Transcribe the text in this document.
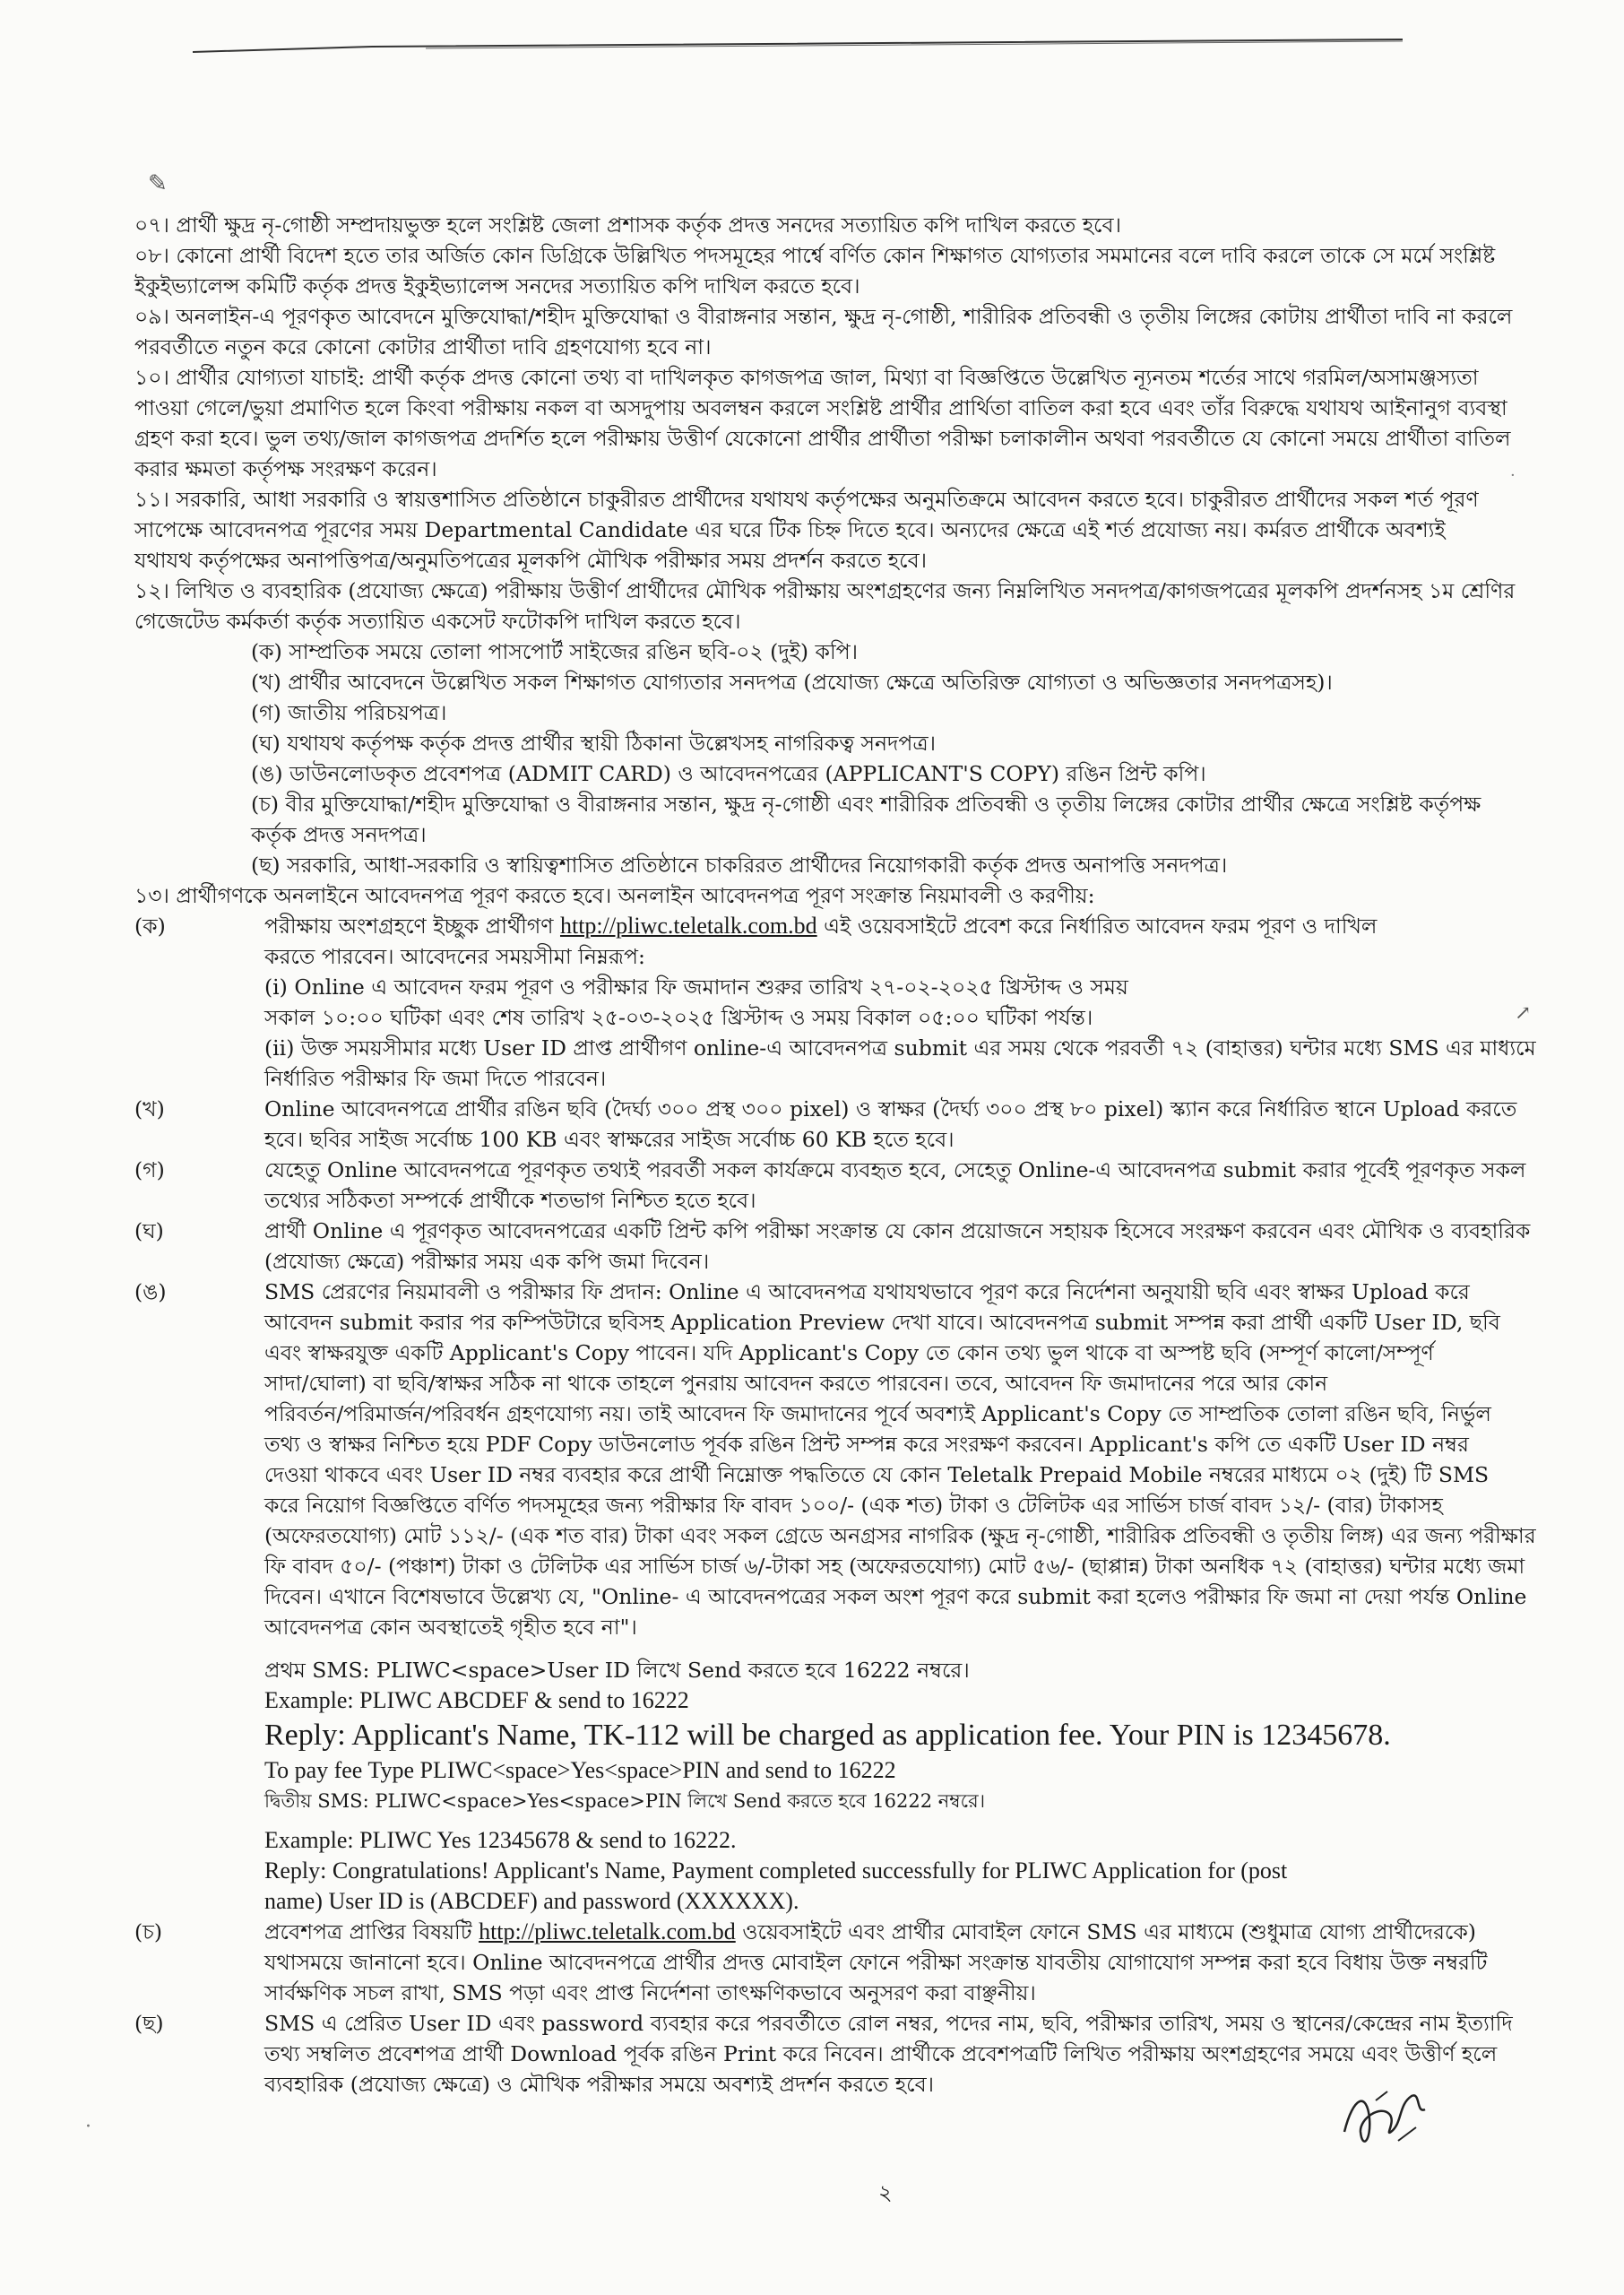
✎
·
↗
·

০৭। প্রার্থী ক্ষুদ্র নৃ-গোষ্ঠী সম্প্রদায়ভুক্ত হলে সংশ্লিষ্ট জেলা প্রশাসক কর্তৃক প্রদত্ত সনদের সত্যায়িত কপি দাখিল করতে হবে।

০৮। কোনো প্রার্থী বিদেশ হতে তার অর্জিত কোন ডিগ্রিকে উল্লিখিত পদসমূহের পার্শ্বে বর্ণিত কোন শিক্ষাগত যোগ্যতার সমমানের বলে দাবি করলে তাকে সে মর্মে সংশ্লিষ্ট

ইকুইভ্যালেন্স কমিটি কর্তৃক প্রদত্ত ইকুইভ্যালেন্স সনদের সত্যায়িত কপি দাখিল করতে হবে।

০৯। অনলাইন-এ পূরণকৃত আবেদনে মুক্তিযোদ্ধা/শহীদ মুক্তিযোদ্ধা ও বীরাঙ্গনার সন্তান, ক্ষুদ্র নৃ-গোষ্ঠী, শারীরিক প্রতিবন্ধী ও তৃতীয় লিঙ্গের কোটায় প্রার্থীতা দাবি না করলে

পরবর্তীতে নতুন করে কোনো কোটার প্রার্থীতা দাবি গ্রহণযোগ্য হবে না।

১০। প্রার্থীর যোগ্যতা যাচাই: প্রার্থী কর্তৃক প্রদত্ত কোনো তথ্য বা দাখিলকৃত কাগজপত্র জাল, মিথ্যা বা বিজ্ঞপ্তিতে উল্লেখিত ন্যূনতম শর্তের সাথে গরমিল/অসামঞ্জস্যতা

পাওয়া গেলে/ভুয়া প্রমাণিত হলে কিংবা পরীক্ষায় নকল বা অসদুপায় অবলম্বন করলে সংশ্লিষ্ট প্রার্থীর প্রার্থিতা বাতিল করা হবে এবং তাঁর বিরুদ্ধে যথাযথ আইনানুগ ব্যবস্থা

গ্রহণ করা হবে। ভুল তথ্য/জাল কাগজপত্র প্রদর্শিত হলে পরীক্ষায় উত্তীর্ণ যেকোনো প্রার্থীর প্রার্থীতা পরীক্ষা চলাকালীন অথবা পরবর্তীতে যে কোনো সময়ে প্রার্থীতা বাতিল

করার ক্ষমতা কর্তৃপক্ষ সংরক্ষণ করেন।

১১। সরকারি, আধা সরকারি ও স্বায়ত্তশাসিত প্রতিষ্ঠানে চাকুরীরত প্রার্থীদের যথাযথ কর্তৃপক্ষের অনুমতিক্রমে আবেদন করতে হবে। চাকুরীরত প্রার্থীদের সকল শর্ত পূরণ

সাপেক্ষে আবেদনপত্র পূরণের সময় Departmental Candidate এর ঘরে টিক চিহ্ন দিতে হবে। অন্যদের ক্ষেত্রে এই শর্ত প্রযোজ্য নয়। কর্মরত প্রার্থীকে অবশ্যই

যথাযথ কর্তৃপক্ষের অনাপত্তিপত্র/অনুমতিপত্রের মূলকপি মৌখিক পরীক্ষার সময় প্রদর্শন করতে হবে।

১২। লিখিত ও ব্যবহারিক (প্রযোজ্য ক্ষেত্রে) পরীক্ষায় উত্তীর্ণ প্রার্থীদের মৌখিক পরীক্ষায় অংশগ্রহণের জন্য নিম্নলিখিত সনদপত্র/কাগজপত্রের মূলকপি প্রদর্শনসহ ১ম শ্রেণির

গেজেটেড কর্মকর্তা কর্তৃক সত্যায়িত একসেট ফটোকপি দাখিল করতে হবে।

(ক) সাম্প্রতিক সময়ে তোলা পাসপোর্ট সাইজের রঙিন ছবি-০২ (দুই) কপি।

(খ) প্রার্থীর আবেদনে উল্লেখিত সকল শিক্ষাগত যোগ্যতার সনদপত্র (প্রযোজ্য ক্ষেত্রে অতিরিক্ত যোগ্যতা ও অভিজ্ঞতার সনদপত্রসহ)।

(গ) জাতীয় পরিচয়পত্র।

(ঘ) যথাযথ কর্তৃপক্ষ কর্তৃক প্রদত্ত প্রার্থীর স্থায়ী ঠিকানা উল্লেখসহ নাগরিকত্ব সনদপত্র।

(ঙ) ডাউনলোডকৃত প্রবেশপত্র (ADMIT CARD) ও আবেদনপত্রের (APPLICANT'S COPY) রঙিন প্রিন্ট কপি।

(চ) বীর মুক্তিযোদ্ধা/শহীদ মুক্তিযোদ্ধা ও বীরাঙ্গনার সন্তান, ক্ষুদ্র নৃ-গোষ্ঠী এবং শারীরিক প্রতিবন্ধী ও তৃতীয় লিঙ্গের কোটার প্রার্থীর ক্ষেত্রে সংশ্লিষ্ট কর্তৃপক্ষ

কর্তৃক প্রদত্ত সনদপত্র।

(ছ) সরকারি, আধা-সরকারি ও স্বায়িত্বশাসিত প্রতিষ্ঠানে চাকরিরত প্রার্থীদের নিয়োগকারী কর্তৃক প্রদত্ত অনাপত্তি সনদপত্র।

১৩। প্রার্থীগণকে অনলাইনে আবেদনপত্র পূরণ করতে হবে। অনলাইন আবেদনপত্র পূরণ সংক্রান্ত নিয়মাবলী ও করণীয়:

(ক)	পরীক্ষায় অংশগ্রহণে ইচ্ছুক প্রার্থীগণ http://pliwc.teletalk.com.bd এই ওয়েবসাইটে প্রবেশ করে নির্ধারিত আবেদন ফরম পূরণ ও দাখিল

করতে পারবেন। আবেদনের সময়সীমা নিম্নরূপ:

(i) Online এ আবেদন ফরম পূরণ ও পরীক্ষার ফি জমাদান শুরুর তারিখ ২৭-০২-২০২৫ খ্রিস্টাব্দ ও সময়

সকাল ১০:০০ ঘটিকা এবং শেষ তারিখ ২৫-০৩-২০২৫ খ্রিস্টাব্দ ও সময় বিকাল ০৫:০০ ঘটিকা পর্যন্ত।

(ii) উক্ত সময়সীমার মধ্যে User ID প্রাপ্ত প্রার্থীগণ online-এ আবেদনপত্র submit এর সময় থেকে পরবর্তী ৭২ (বাহাত্তর) ঘন্টার মধ্যে SMS এর মাধ্যমে

নির্ধারিত পরীক্ষার ফি জমা দিতে পারবেন।

(খ)	Online আবেদনপত্রে প্রার্থীর রঙিন ছবি (দৈর্ঘ্য ৩০০ প্রস্থ ৩০০ pixel) ও স্বাক্ষর (দৈর্ঘ্য ৩০০ প্রস্থ ৮০ pixel) স্ক্যান করে নির্ধারিত স্থানে Upload করতে

হবে। ছবির সাইজ সর্বোচ্চ 100 KB এবং স্বাক্ষরের সাইজ সর্বোচ্চ 60 KB হতে হবে।

(গ)	যেহেতু Online আবেদনপত্রে পূরণকৃত তথ্যই পরবর্তী সকল কার্যক্রমে ব্যবহৃত হবে, সেহেতু Online-এ আবেদনপত্র submit করার পূর্বেই পূরণকৃত সকল

তথ্যের সঠিকতা সম্পর্কে প্রার্থীকে শতভাগ নিশ্চিত হতে হবে।

(ঘ)	প্রার্থী Online এ পূরণকৃত আবেদনপত্রের একটি প্রিন্ট কপি পরীক্ষা সংক্রান্ত যে কোন প্রয়োজনে সহায়ক হিসেবে সংরক্ষণ করবেন এবং মৌখিক ও ব্যবহারিক

(প্রযোজ্য ক্ষেত্রে) পরীক্ষার সময় এক কপি জমা দিবেন।

(ঙ)	SMS প্রেরণের নিয়মাবলী ও পরীক্ষার ফি প্রদান: Online এ আবেদনপত্র যথাযথভাবে পূরণ করে নির্দেশনা অনুযায়ী ছবি এবং স্বাক্ষর Upload করে

আবেদন submit করার পর কম্পিউটারে ছবিসহ Application Preview দেখা যাবে। আবেদনপত্র submit সম্পন্ন করা প্রার্থী একটি User ID, ছবি

এবং স্বাক্ষরযুক্ত একটি Applicant's Copy পাবেন। যদি Applicant's Copy তে কোন তথ্য ভুল থাকে বা অস্পষ্ট ছবি (সম্পূর্ণ কালো/সম্পূর্ণ

সাদা/ঘোলা) বা ছবি/স্বাক্ষর সঠিক না থাকে তাহলে পুনরায় আবেদন করতে পারবেন। তবে, আবেদন ফি জমাদানের পরে আর কোন

পরিবর্তন/পরিমার্জন/পরিবর্ধন গ্রহণযোগ্য নয়। তাই আবেদন ফি জমাদানের পূর্বে অবশ্যই Applicant's Copy তে সাম্প্রতিক তোলা রঙিন ছবি, নির্ভুল

তথ্য ও স্বাক্ষর নিশ্চিত হয়ে PDF Copy ডাউনলোড পূর্বক রঙিন প্রিন্ট সম্পন্ন করে সংরক্ষণ করবেন। Applicant's কপি তে একটি User ID নম্বর

দেওয়া থাকবে এবং User ID নম্বর ব্যবহার করে প্রার্থী নিম্নোক্ত পদ্ধতিতে যে কোন Teletalk Prepaid Mobile নম্বরের মাধ্যমে ০২ (দুই) টি SMS

করে নিয়োগ বিজ্ঞপ্তিতে বর্ণিত পদসমূহের জন্য পরীক্ষার ফি বাবদ ১০০/- (এক শত) টাকা ও টেলিটক এর সার্ভিস চার্জ বাবদ ১২/- (বার) টাকাসহ

(অফেরতযোগ্য) মোট ১১২/- (এক শত বার) টাকা এবং সকল গ্রেডে অনগ্রসর নাগরিক (ক্ষুদ্র নৃ-গোষ্ঠী, শারীরিক প্রতিবন্ধী ও তৃতীয় লিঙ্গ) এর জন্য পরীক্ষার

ফি বাবদ ৫০/- (পঞ্চাশ) টাকা ও টেলিটক এর সার্ভিস চার্জ ৬/-টাকা সহ (অফেরতযোগ্য) মোট ৫৬/- (ছাপ্পান্ন) টাকা অনধিক ৭২ (বাহাত্তর) ঘন্টার মধ্যে জমা

দিবেন। এখানে বিশেষভাবে উল্লেখ্য যে, "Online- এ আবেদনপত্রের সকল অংশ পূরণ করে submit করা হলেও পরীক্ষার ফি জমা না দেয়া পর্যন্ত Online

আবেদনপত্র কোন অবস্থাতেই গৃহীত হবে না"।

প্রথম SMS: PLIWC<space>User ID লিখে Send করতে হবে 16222 নম্বরে।

Example: PLIWC ABCDEF & send to 16222

Reply: Applicant's Name, TK-112 will be charged as application fee. Your PIN is 12345678.

To pay fee Type PLIWC<space>Yes<space>PIN and send to 16222

দ্বিতীয় SMS: PLIWC<space>Yes<space>PIN লিখে Send করতে হবে 16222 নম্বরে।

Example: PLIWC Yes 12345678 & send to 16222.

Reply: Congratulations! Applicant's Name, Payment completed successfully for PLIWC Application for (post

name) User ID is (ABCDEF) and password (XXXXXX).

(চ)	প্রবেশপত্র প্রাপ্তির বিষয়টি http://pliwc.teletalk.com.bd ওয়েবসাইটে এবং প্রার্থীর মোবাইল ফোনে SMS এর মাধ্যমে (শুধুমাত্র যোগ্য প্রার্থীদেরকে)

যথাসময়ে জানানো হবে। Online আবেদনপত্রে প্রার্থীর প্রদত্ত মোবাইল ফোনে পরীক্ষা সংক্রান্ত যাবতীয় যোগাযোগ সম্পন্ন করা হবে বিধায় উক্ত নম্বরটি

সার্বক্ষণিক সচল রাখা, SMS পড়া এবং প্রাপ্ত নির্দেশনা তাৎক্ষণিকভাবে অনুসরণ করা বাঞ্ছনীয়।

(ছ)	SMS এ প্রেরিত User ID এবং password ব্যবহার করে পরবর্তীতে রোল নম্বর, পদের নাম, ছবি, পরীক্ষার তারিখ, সময় ও স্থানের/কেন্দ্রের নাম ইত্যাদি

তথ্য সম্বলিত প্রবেশপত্র প্রার্থী Download পূর্বক রঙিন Print করে নিবেন। প্রার্থীকে প্রবেশপত্রটি লিখিত পরীক্ষায় অংশগ্রহণের সময়ে এবং উত্তীর্ণ হলে

ব্যবহারিক (প্রযোজ্য ক্ষেত্রে) ও মৌখিক পরীক্ষার সময়ে অবশ্যই প্রদর্শন করতে হবে।

২
